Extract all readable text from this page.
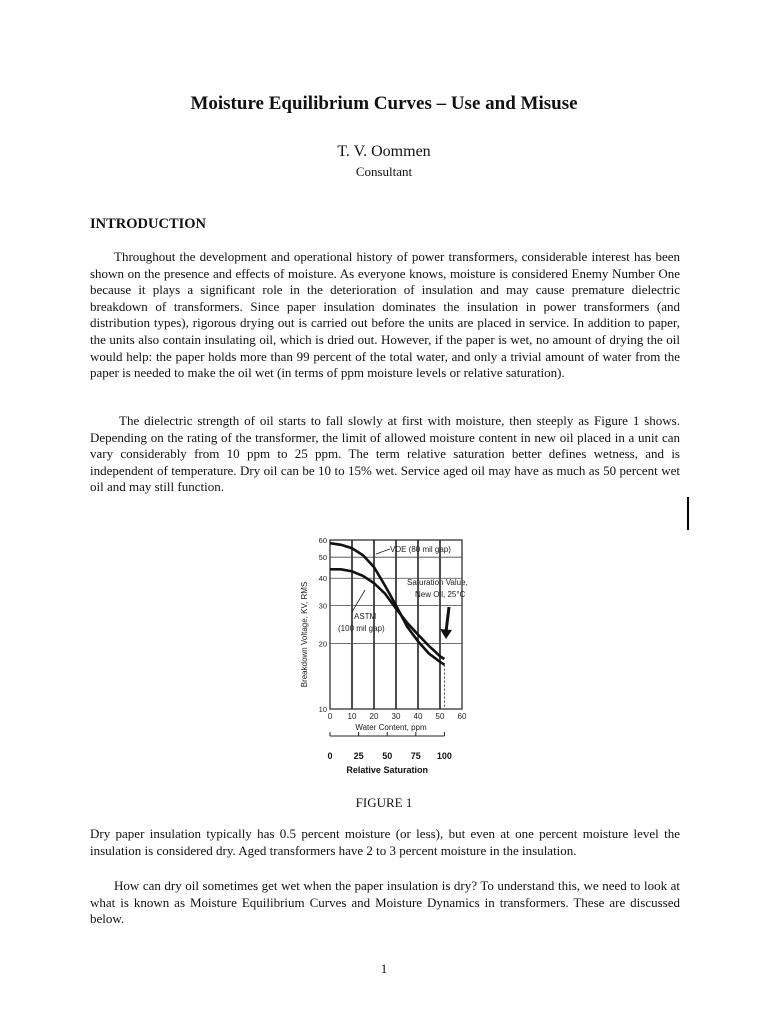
Moisture Equilibrium Curves – Use and Misuse
T. V. Oommen
Consultant
INTRODUCTION

Throughout the development and operational history of power transformers, considerable interest has been shown on the presence and effects of moisture. As everyone knows, moisture is considered Enemy Number One because it plays a significant role in the deterioration of insulation and may cause premature dielectric breakdown of transformers. Since paper insulation dominates the insulation in power transformers (and distribution types), rigorous drying out is carried out before the units are placed in service. In addition to paper, the units also contain insulating oil, which is dried out. However, if the paper is wet, no amount of drying the oil would help: the paper holds more than 99 percent of the total water, and only a trivial amount of water from the paper is needed to make the oil wet (in terms of ppm moisture levels or relative saturation).

The dielectric strength of oil starts to fall slowly at first with moisture, then steeply as Figure 1 shows. Depending on the rating of the transformer, the limit of allowed moisture content in new oil placed in a unit can vary considerably from 10 ppm to 25 ppm. The term relative saturation better defines wetness, and is independent of temperature. Dry oil can be 10 to 15% wet. Service aged oil may have as much as 50 percent wet oil and may still function.

0 10 20 30 40 50 60
10
20
30
40
50
60
Water Content, ppm
Breakdown Voltage, KV, RMS
VDE (80 mil gap)
Saturation Value,
New Oil, 25°C
ASTM
(100 mil gap)
0 25 50 75 100
Relative Saturation
FIGURE 1

Dry paper insulation typically has 0.5 percent moisture (or less), but even at one percent moisture level the insulation is considered dry. Aged transformers have 2 to 3 percent moisture in the insulation.

How can dry oil sometimes get wet when the paper insulation is dry? To understand this, we need to look at what is known as Moisture Equilibrium Curves and Moisture Dynamics in transformers. These are discussed below.

1
